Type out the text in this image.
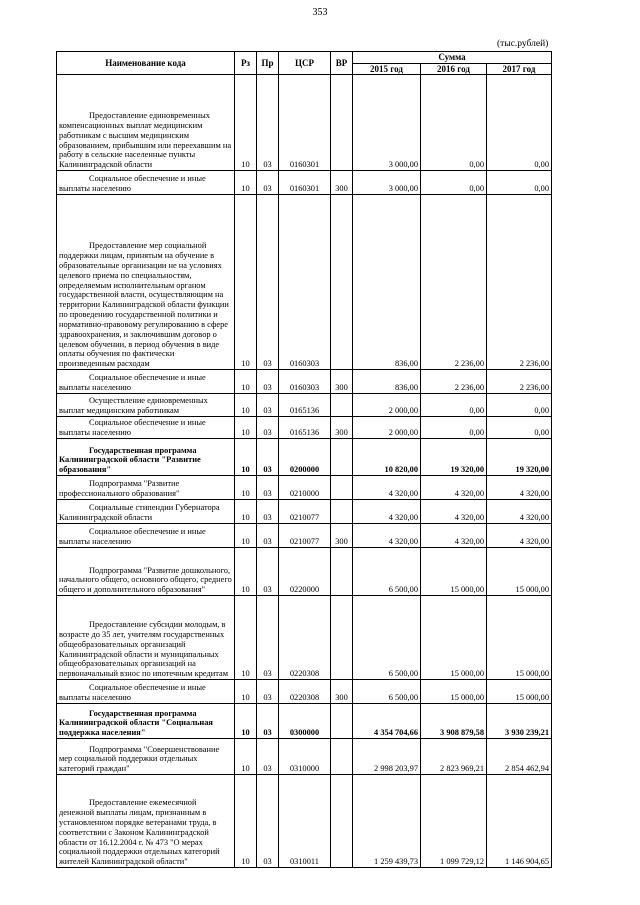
353
(тыс.рублей)
Наименование кода	Рз	Пр	ЦСР	ВР	Сумма		
					2015 год	2016 год	2017 год

Предоставление единовременных компенсационных выплат медицинским работникам с высшим медицинским образованием, прибывшим или переехавшим на работу в сельские населенные пункты Калининградской области	10	03	0160301		3 000,00	0,00	0,00

Социальное обеспечение и иные выплаты населению	10	03	0160301	300	3 000,00	0,00	0,00

Предоставление мер социальной поддержки лицам, принятым на обучение в образовательные организации не на условиях целевого приема по специальностям, определяемым исполнительным органом государственной власти, осуществляющим на территории Калининградской области функции по проведению государственной политики и нормативно-правовому регулированию в сфере здравоохранения, и заключившим договор о целевом обучении, в период обучения в виде оплаты обучения по фактически произведенным расходам	10	03	0160303		836,00	2 236,00	2 236,00

Социальное обеспечение и иные выплаты населению	10	03	0160303	300	836,00	2 236,00	2 236,00

Осуществление единовременных выплат медицинским работникам	10	03	0165136		2 000,00	0,00	0,00

Социальное обеспечение и иные выплаты населению	10	03	0165136	300	2 000,00	0,00	0,00

Государственная программа Калининградской области "Развитие образования"	10	03	0200000		10 820,00	19 320,00	19 320,00

Подпрограмма "Развитие профессионального образования"	10	03	0210000		4 320,00	4 320,00	4 320,00

Социальные стипендии Губернатора Калининградской области	10	03	0210077		4 320,00	4 320,00	4 320,00

Социальное обеспечение и иные выплаты населению	10	03	0210077	300	4 320,00	4 320,00	4 320,00

Подпрограмма "Развитие дошкольного, начального общего, основного общего, среднего общего и дополнительного образования"	10	03	0220000		6 500,00	15 000,00	15 000,00

Предоставление субсидии молодым, в возрасте до 35 лет, учителям государственных общеобразовательных организаций Калининградской области и муниципальных общеобразовательных организаций на первоначальный взнос по ипотечным кредитам	10	03	0220308		6 500,00	15 000,00	15 000,00

Социальное обеспечение и иные выплаты населению	10	03	0220308	300	6 500,00	15 000,00	15 000,00

Государственная программа Калининградской области "Социальная поддержка населения"	10	03	0300000		4 354 704,66	3 908 879,58	3 930 239,21

Подпрограмма "Совершенствование мер социальной поддержки отдельных категорий граждан"	10	03	0310000		2 998 203,97	2 823 969,21	2 854 462,94

Предоставление ежемесячной денежной выплаты лицам, признанным в установленном порядке ветеранами труда, в соответствии с Законом Калининградской области от 16.12.2004 г. № 473 "О мерах социальной поддержки отдельных категорий жителей Калининградской области"	10	03	0310011		1 259 439,73	1 099 729,12	1 146 904,65
